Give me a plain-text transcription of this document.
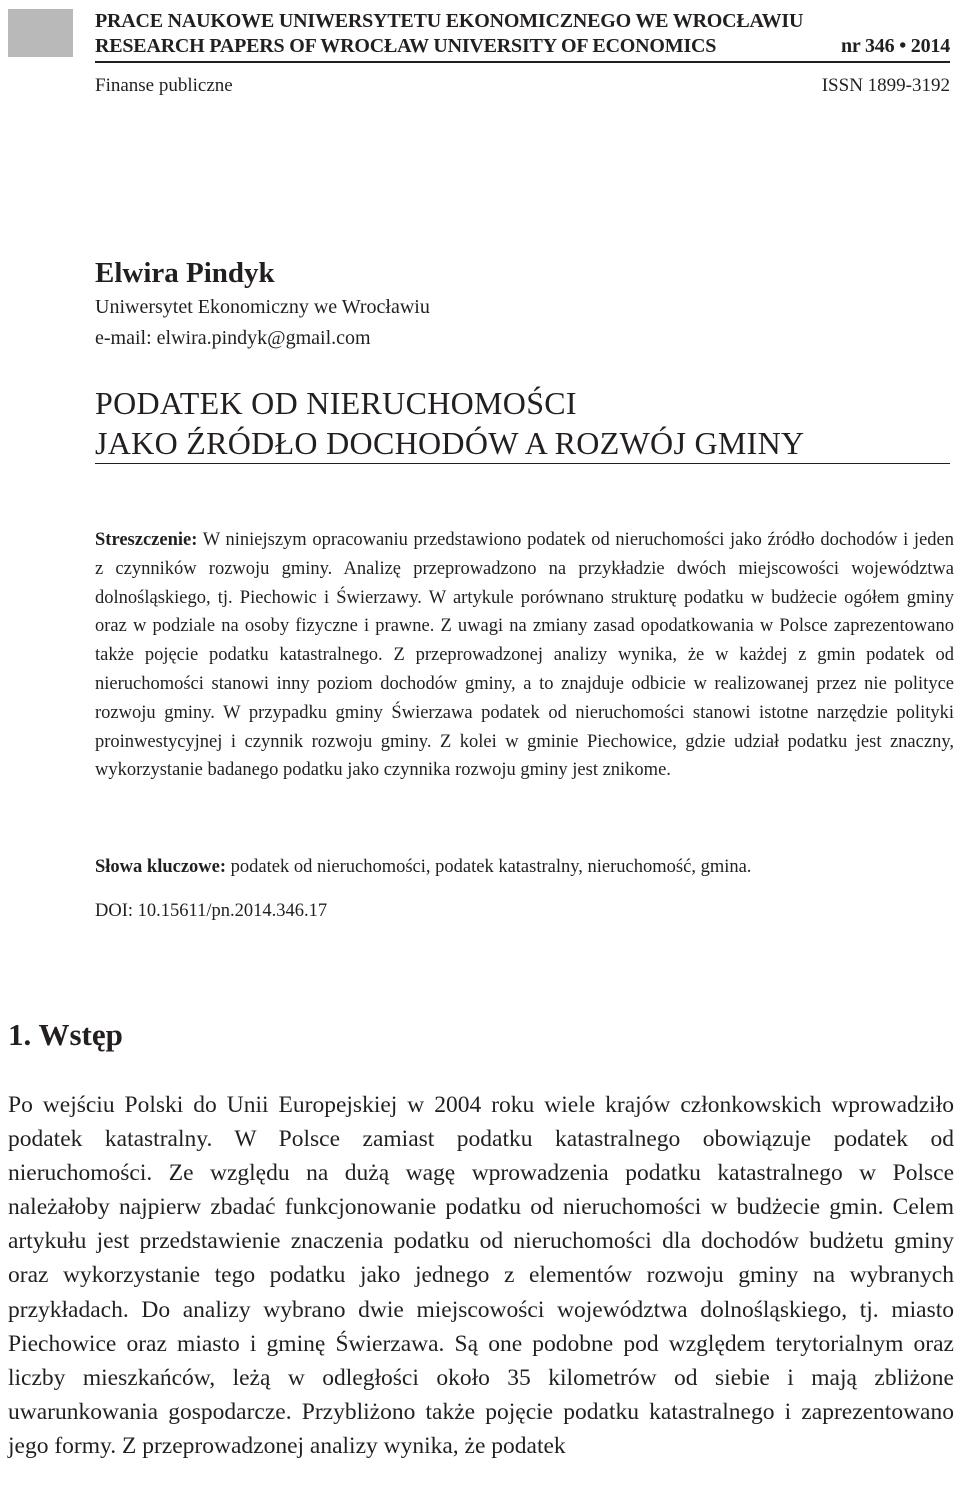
PRACE NAUKOWE UNIWERSYTETU EKONOMICZNEGO WE WROCŁAWIU
RESEARCH PAPERS OF WROCŁAW UNIVERSITY OF ECONOMICS	nr 346 • 2014
Finanse publiczne	ISSN 1899-3192
Elwira Pindyk
Uniwersytet Ekonomiczny we Wrocławiu
e-mail: elwira.pindyk@gmail.com
PODATEK OD NIERUCHOMOŚCI
JAKO ŹRÓDŁO DOCHODÓW A ROZWÓJ GMINY

Streszczenie: W niniejszym opracowaniu przedstawiono podatek od nieruchomości jako źródło dochodów i jeden z czynników rozwoju gminy. Analizę przeprowadzono na przykładzie dwóch miejscowości województwa dolnośląskiego, tj. Piechowic i Świerzawy. W artykule porównano strukturę podatku w budżecie ogółem gminy oraz w podziale na osoby fizyczne i prawne. Z uwagi na zmiany zasad opodatkowania w Polsce zaprezentowano także pojęcie podatku katastralnego. Z przeprowadzonej analizy wynika, że w każdej z gmin podatek od nieruchomości stanowi inny poziom dochodów gminy, a to znajduje odbicie w realizowanej przez nie polityce rozwoju gminy. W przypadku gminy Świerzawa podatek od nieruchomości stanowi istotne narzędzie polityki proinwestycyjnej i czynnik rozwoju gminy. Z kolei w gminie Piechowice, gdzie udział podatku jest znaczny, wykorzystanie badanego podatku jako czynnika rozwoju gminy jest znikome.

Słowa kluczowe: podatek od nieruchomości, podatek katastralny, nieruchomość, gmina.

DOI: 10.15611/pn.2014.346.17
1. Wstęp

Po wejściu Polski do Unii Europejskiej w 2004 roku wiele krajów członkowskich wprowadziło podatek katastralny. W Polsce zamiast podatku katastralnego obowiązuje podatek od nieruchomości. Ze względu na dużą wagę wprowadzenia podatku katastralnego w Polsce należałoby najpierw zbadać funkcjonowanie podatku od nieruchomości w budżecie gmin. Celem artykułu jest przedstawienie znaczenia podatku od nieruchomości dla dochodów budżetu gminy oraz wykorzystanie tego podatku jako jednego z elementów rozwoju gminy na wybranych przykładach. Do analizy wybrano dwie miejscowości województwa dolnośląskiego, tj. miasto Piechowice oraz miasto i gminę Świerzawa. Są one podobne pod względem terytorialnym oraz liczby mieszkańców, leżą w odległości około 35 kilometrów od siebie i mają zbliżone uwarunkowania gospodarcze. Przybliżono także pojęcie podatku katastralnego i zaprezentowano jego formy. Z przeprowadzonej analizy wynika, że podatek
